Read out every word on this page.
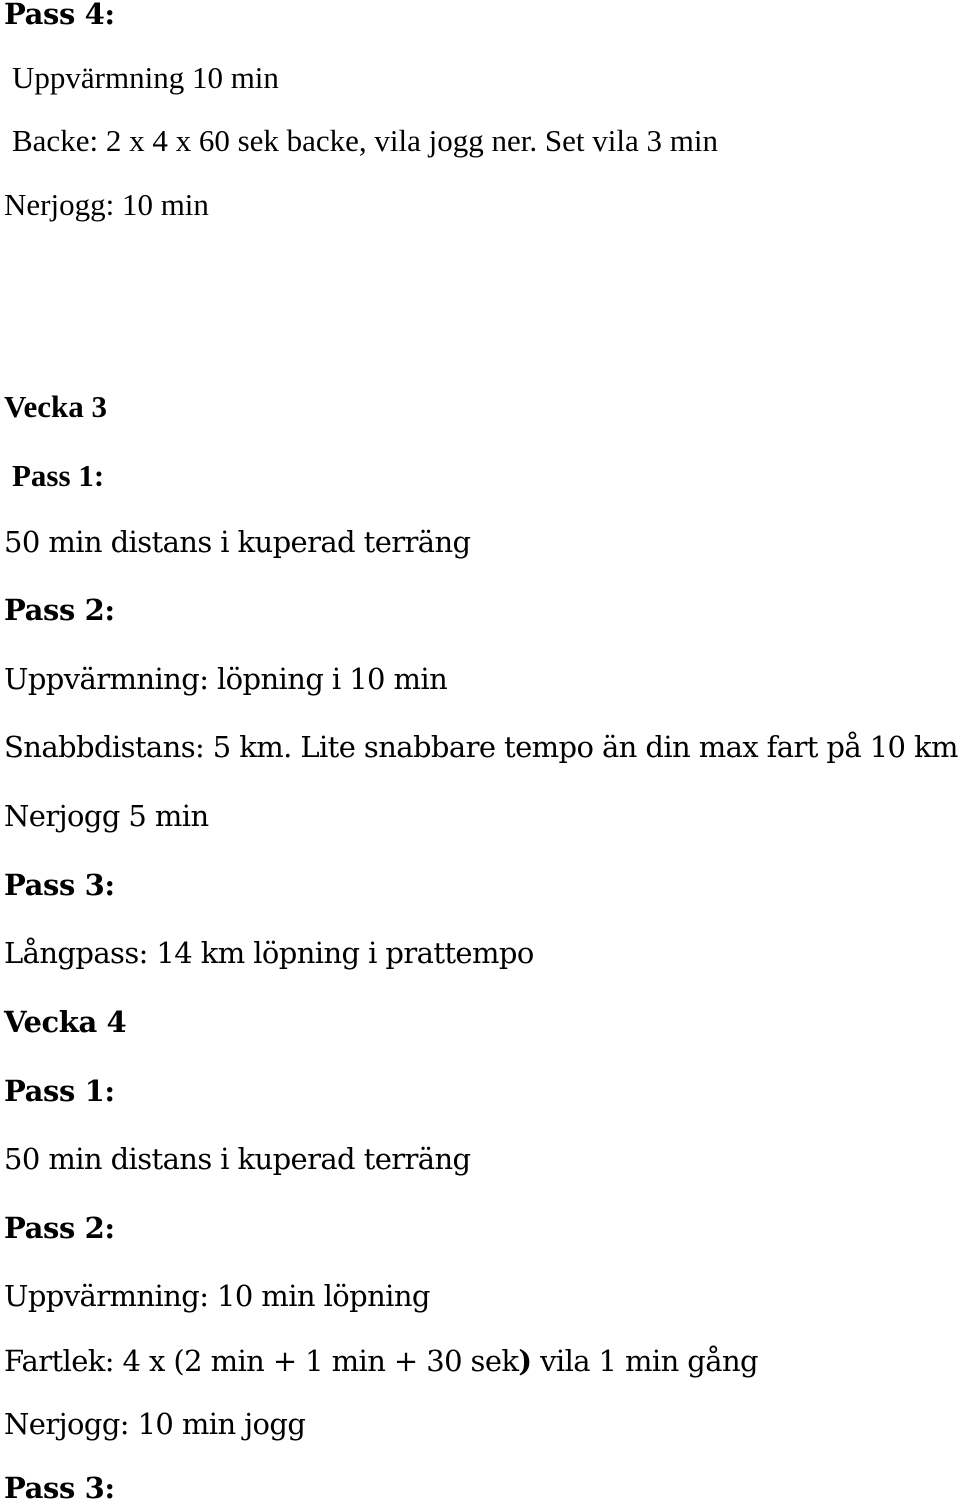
Pass 4:
Uppvärmning 10 min
Backe: 2 x 4 x 60 sek backe, vila jogg ner. Set vila 3 min
Nerjogg: 10 min
Vecka 3
Pass 1:
50 min distans i kuperad terräng
Pass 2:
Uppvärmning: löpning i 10 min
Snabbdistans: 5 km. Lite snabbare tempo än din max fart på 10 km
Nerjogg 5 min
Pass 3:
Långpass: 14 km löpning i prattempo
Vecka 4
Pass 1:
50 min distans i kuperad terräng
Pass 2:
Uppvärmning: 10 min löpning
Fartlek: 4 x (2 min + 1 min + 30 sek) vila 1 min gång
Nerjogg: 10 min jogg
Pass 3:
